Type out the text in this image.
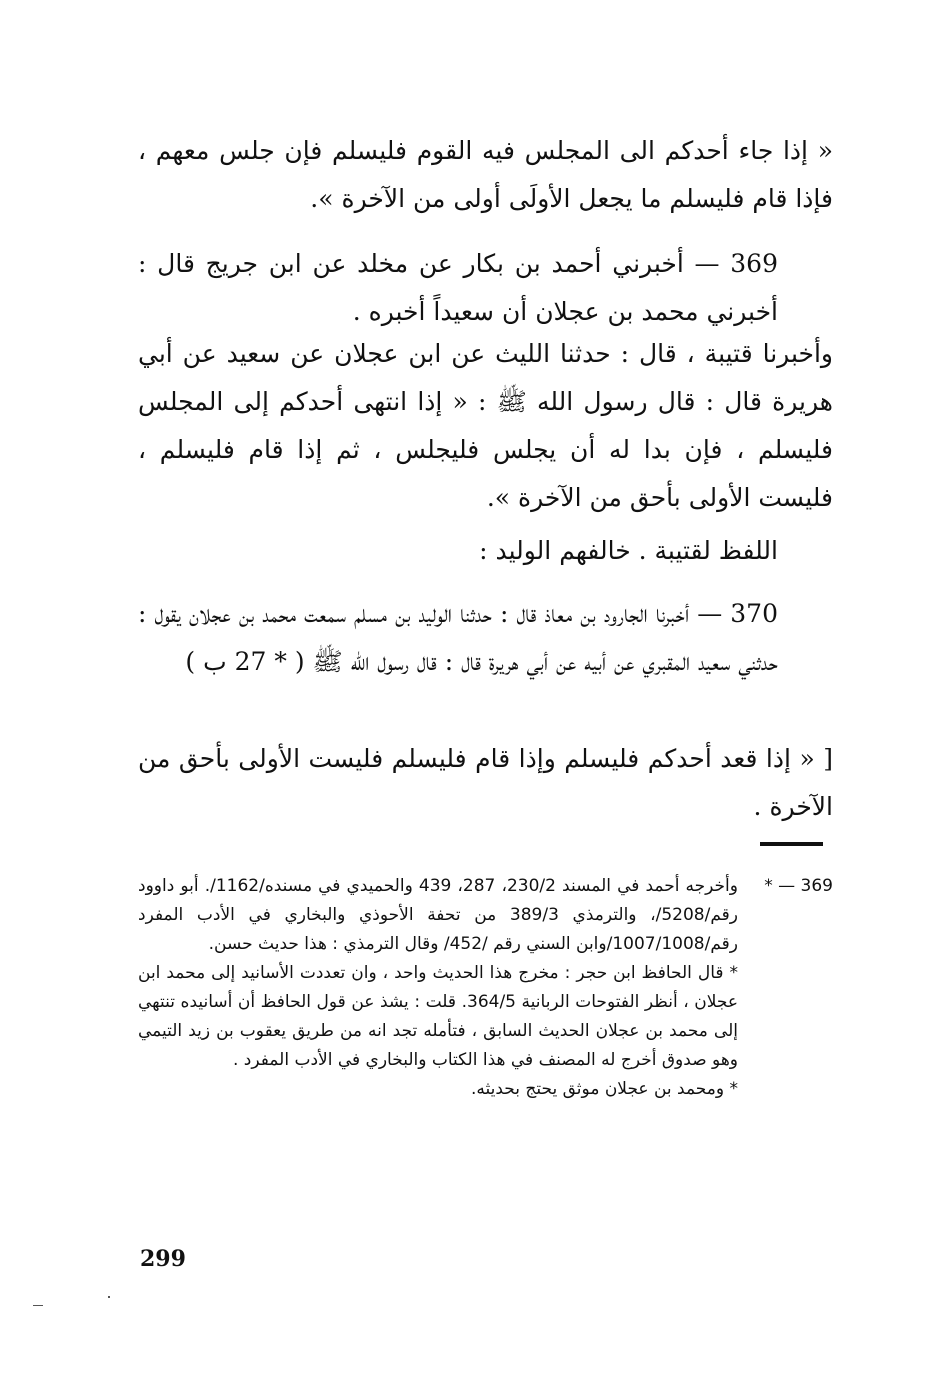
« إذا جاء أحدكم الى المجلس فيه القوم فليسلم فإن جلس معهم ، فإذا قام فليسلم ما يجعل الأولَى أولى من الآخرة ».

369 — أخبرني أحمد بن بكار عن مخلد عن ابن جريج قال : أخبرني محمد بن عجلان أن سعيداً أخبره .

وأخبرنا قتيبة ، قال : حدثنا الليث عن ابن عجلان عن سعيد عن أبي هريرة قال : قال رسول الله ﷺ : « إذا انتهى أحدكم إلى المجلس فليسلم ، فإن بدا له أن يجلس فليجلس ، ثم إذا قام فليسلم ، فليست الأولى بأحق من الآخرة ».

اللفظ لقتيبة . خالفهم الوليد :

370 — أخبرنا الجارود بن معاذ قال : حدثنا الوليد بن مسلم سمعت محمد بن عجلان يقول : حدثني سعيد المقبري عن أبيه عن أبي هريرة قال : قال رسول الله ﷺ ( * 27 ب )

[ « إذا قعد أحدكم فليسلم وإذا قام فليسلم فليست الأولى بأحق من الآخرة .

369 — *
وأخرجه أحمد في المسند 230/2، 287، 439 والحميدي في مسنده/1162/. أبو داوود رقم/5208/، والترمذي 389/3 من تحفة الأحوذي والبخاري في الأدب المفرد رقم/1007/1008/وابن السني رقم /452/ وقال الترمذي : هذا حديث حسن.
* قال الحافظ ابن حجر : مخرج هذا الحديث واحد ، وان تعددت الأسانيد إلى محمد ابن عجلان ، أنظر الفتوحات الربانية 364/5. قلت : يشذ عن قول الحافظ أن أسانيده تنتهي إلى محمد بن عجلان الحديث السابق ، فتأمله تجد انه من طريق يعقوب بن زيد التيمي وهو صدوق أخرج له المصنف في هذا الكتاب والبخاري في الأدب المفرد .
* ومحمد بن عجلان موثق يحتج بحديثه.
299
